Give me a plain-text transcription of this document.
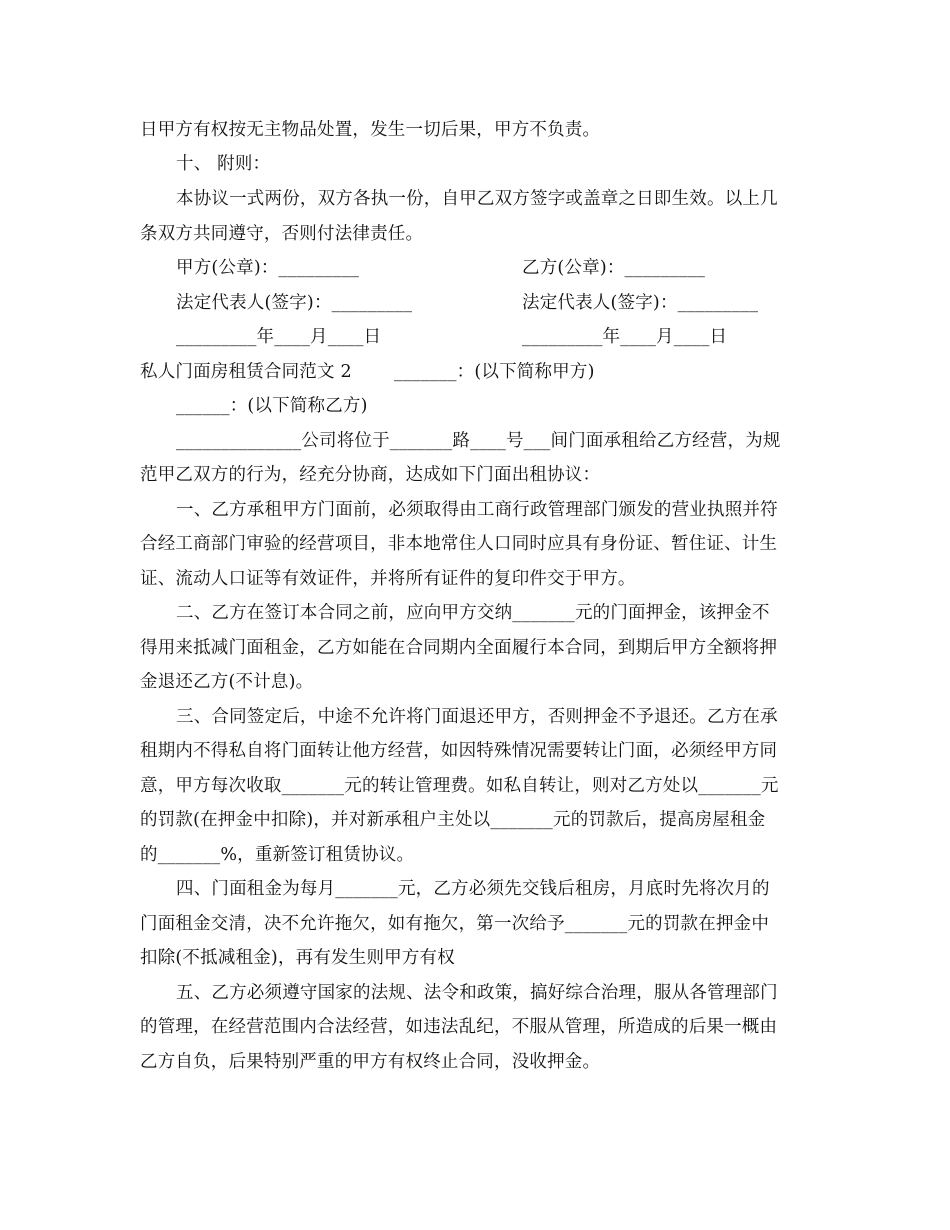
日甲方有权按无主物品处置，发生一切后果，甲方不负责。
十、 附则：
本协议一式两份，双方各执一份，自甲乙双方签字或盖章之日即生效。以上几
条双方共同遵守，否则付法律责任。
甲方(公章)：_________	乙方(公章)：_________
法定代表人(签字)：_________	法定代表人(签字)：_________
_________年____月____日	_________年____月____日
私人门面房租赁合同范文 2 _______：(以下简称甲方)
______：(以下简称乙方)
______________公司将位于_______路____号___间门面承租给乙方经营，为规
范甲乙双方的行为，经充分协商，达成如下门面出租协议：
一、乙方承租甲方门面前，必须取得由工商行政管理部门颁发的营业执照并符
合经工商部门审验的经营项目，非本地常住人口同时应具有身份证、暂住证、计生
证、流动人口证等有效证件，并将所有证件的复印件交于甲方。
二、乙方在签订本合同之前，应向甲方交纳_______元的门面押金，该押金不
得用来抵减门面租金，乙方如能在合同期内全面履行本合同，到期后甲方全额将押
金退还乙方(不计息)。
三、合同签定后，中途不允许将门面退还甲方，否则押金不予退还。乙方在承
租期内不得私自将门面转让他方经营，如因特殊情况需要转让门面，必须经甲方同
意，甲方每次收取_______元的转让管理费。如私自转让，则对乙方处以_______元
的罚款(在押金中扣除)，并对新承租户主处以_______元的罚款后，提高房屋租金
的_______%，重新签订租赁协议。
四、门面租金为每月_______元，乙方必须先交钱后租房，月底时先将次月的
门面租金交清，决不允许拖欠，如有拖欠，第一次给予_______元的罚款在押金中
扣除(不抵减租金)，再有发生则甲方有权
五、乙方必须遵守国家的法规、法令和政策，搞好综合治理，服从各管理部门
的管理，在经营范围内合法经营，如违法乱纪，不服从管理，所造成的后果一概由
乙方自负，后果特别严重的甲方有权终止合同，没收押金。
